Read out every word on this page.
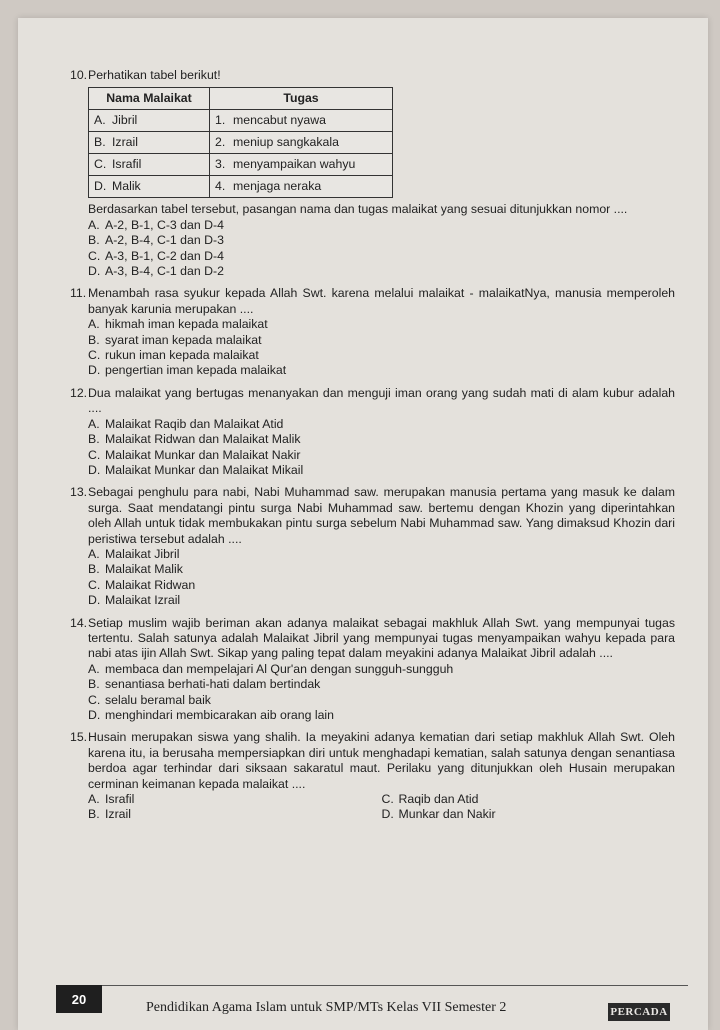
10. Perhatikan tabel berikut!
Nama Malaikat	Tugas

A. Jibril	1. mencabut nyawa

B. Izrail	2. meniup sangkakala

C. Israfil	3. menyampaikan wahyu

D. Malik	4. menjaga neraka
Berdasarkan tabel tersebut, pasangan nama dan tugas malaikat yang sesuai ditunjukkan nomor ....
A. A-2, B-1, C-3 dan D-4
B. A-2, B-4, C-1 dan D-3
C. A-3, B-1, C-2 dan D-4
D. A-3, B-4, C-1 dan D-2
11. Menambah rasa syukur kepada Allah Swt. karena melalui malaikat - malaikatNya, manusia memperoleh banyak karunia merupakan ....
A. hikmah iman kepada malaikat
B. syarat iman kepada malaikat
C. rukun iman kepada malaikat
D. pengertian iman kepada malaikat
12. Dua malaikat yang bertugas menanyakan dan menguji iman orang yang sudah mati di alam kubur adalah ....
A. Malaikat Raqib dan Malaikat Atid
B. Malaikat Ridwan dan Malaikat Malik
C. Malaikat Munkar dan Malaikat Nakir
D. Malaikat Munkar dan Malaikat Mikail
13. Sebagai penghulu para nabi, Nabi Muhammad saw. merupakan manusia pertama yang masuk ke dalam surga. Saat mendatangi pintu surga Nabi Muhammad saw. bertemu dengan Khozin yang diperintahkan oleh Allah untuk tidak membukakan pintu surga sebelum Nabi Muhammad saw. Yang dimaksud Khozin dari peristiwa tersebut adalah ....
A. Malaikat Jibril
B. Malaikat Malik
C. Malaikat Ridwan
D. Malaikat Izrail
14. Setiap muslim wajib beriman akan adanya malaikat sebagai makhluk Allah Swt. yang mempunyai tugas tertentu. Salah satunya adalah Malaikat Jibril yang mempunyai tugas menyampaikan wahyu kepada para nabi atas ijin Allah Swt. Sikap yang paling tepat dalam meyakini adanya Malaikat Jibril adalah ....
A. membaca dan mempelajari Al Qur'an dengan sungguh-sungguh
B. senantiasa berhati-hati dalam bertindak
C. selalu beramal baik
D. menghindari membicarakan aib orang lain
15. Husain merupakan siswa yang shalih. Ia meyakini adanya kematian dari setiap makhluk Allah Swt. Oleh karena itu, ia berusaha mempersiapkan diri untuk menghadapi kematian, salah satunya dengan senantiasa berdoa agar terhindar dari siksaan sakaratul maut. Perilaku yang ditunjukkan oleh Husain merupakan cerminan keimanan kepada malaikat ....
A. Israfil	C. Raqib dan Atid
B. Izrail	D. Munkar dan Nakir
20
Pendidikan Agama Islam untuk SMP/MTs Kelas VII Semester 2	PERCADA
